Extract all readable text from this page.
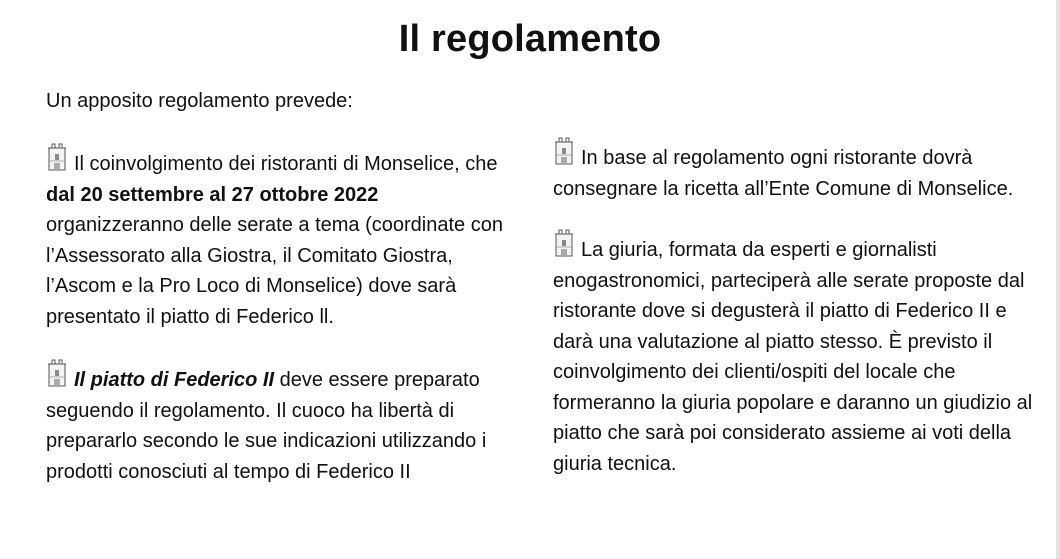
Il regolamento
Un apposito regolamento prevede:

Il coinvolgimento dei ristoranti di Monselice, che dal 20 settembre al 27 ottobre 2022 organizzeranno delle serate a tema (coordinate con l’Assessorato alla Giostra, il Comitato Giostra, l’Ascom e la Pro Loco di Monselice) dove sarà presentato il piatto di Federico ll.

Il piatto di Federico II deve essere preparato seguendo il regolamento. Il cuoco ha libertà di prepararlo secondo le sue indicazioni utilizzando i prodotti conosciuti al tempo di Federico II

In base al regolamento ogni ristorante dovrà consegnare la ricetta all’Ente Comune di Monselice.

La giuria, formata da esperti e giornalisti enogastronomici, parteciperà alle serate proposte dal ristorante dove si degusterà il piatto di Federico II e darà una valutazione al piatto stesso. È previsto il coinvolgimento dei clienti/ospiti del locale che formeranno la giuria popolare e daranno un giudizio al piatto che sarà poi considerato assieme ai voti della giuria tecnica.
